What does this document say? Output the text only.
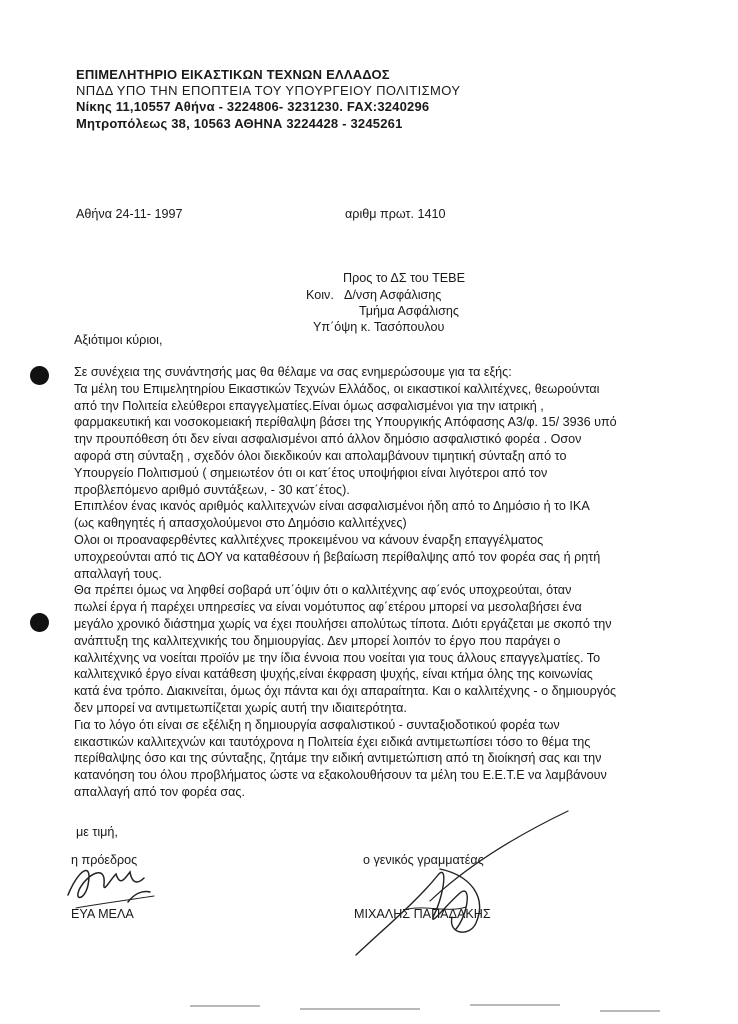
ΕΠΙΜΕΛΗΤΗΡΙΟ ΕΙΚΑΣΤΙΚΩΝ ΤΕΧΝΩΝ ΕΛΛΑΔΟΣ
ΝΠΔΔ ΥΠΟ ΤΗΝ ΕΠΟΠΤΕΙΑ ΤΟΥ ΥΠΟΥΡΓΕΙΟΥ ΠΟΛΙΤΙΣΜΟΥ
Νίκης 11,10557 Αθήνα - 3224806- 3231230. FAX:3240296
Μητροπόλεως 38, 10563 ΑΘΗΝΑ 3224428 - 3245261
Αθήνα 24-11- 1997	αριθμ πρωτ. 1410
Προς το ΔΣ του ΤΕΒΕ
Κοιν. Δ/νση Ασφάλισης
Τμήμα Ασφάλισης
Υπ΄όψη κ. Τασόπουλου
Αξιότιμοι κύριοι,
Σε συνέχεια της συνάντησής μας θα θέλαμε να σας ενημερώσουμε για τα εξής:
Τα μέλη του Επιμελητηρίου Εικαστικών Τεχνών Ελλάδος, οι εικαστικοί καλλιτέχνες, θεωρούνται
από την Πολιτεία ελεύθεροι επαγγελματίες.Είναι όμως ασφαλισμένοι για την ιατρική ,
φαρμακευτική και νοσοκομειακή περίθαλψη βάσει της Υπουργικής Απόφασης Α3/φ. 15/ 3936 υπό
την προυπόθεση ότι δεν είναι ασφαλισμένοι από άλλον δημόσιο ασφαλιστικό φορέα . Οσον
αφορά στη σύνταξη , σχεδόν όλοι διεκδικούν και απολαμβάνουν τιμητική σύνταξη από το
Υπουργείο Πολιτισμού ( σημειωτέον ότι οι κατ΄έτος υποψήφιοι είναι λιγότεροι από τον
προβλεπόμενο αριθμό συντάξεων, - 30 κατ΄έτος).
Επιπλέον ένας ικανός αριθμός καλλιτεχνών είναι ασφαλισμένοι ήδη από το Δημόσιο ή το ΙΚΑ
(ως καθηγητές ή απασχολούμενοι στο Δημόσιο καλλιτέχνες)
Ολοι οι προαναφερθέντες καλλιτέχνες προκειμένου να κάνουν έναρξη επαγγέλματος
υποχρεούνται από τις ΔΟΥ να καταθέσουν ή βεβαίωση περίθαλψης από τον φορέα σας ή ρητή
απαλλαγή τους.
Θα πρέπει όμως να ληφθεί σοβαρά υπ΄όψιν ότι ο καλλιτέχνης αφ΄ενός υποχρεούται, όταν
πωλεί έργα ή παρέχει υπηρεσίες να είναι νομότυπος αφ΄ετέρου μπορεί να μεσολαβήσει ένα
μεγάλο χρονικό διάστημα χωρίς να έχει πουλήσει απολύτως τίποτα. Διότι εργάζεται με σκοπό την
ανάπτυξη της καλλιτεχνικής του δημιουργίας. Δεν μπορεί λοιπόν το έργο που παράγει ο
καλλιτέχνης να νοείται προϊόν με την ίδια έννοια που νοείται για τους άλλους επαγγελματίες. Το
καλλιτεχνικό έργο είναι κατάθεση ψυχής,είναι έκφραση ψυχής, είναι κτήμα όλης της κοινωνίας
κατά ένα τρόπο. Διακινείται, όμως όχι πάντα και όχι απαραίτητα. Και ο καλλιτέχνης - ο δημιουργός
δεν μπορεί να αντιμετωπίζεται χωρίς αυτή την ιδιαιτερότητα.
Για το λόγο ότι είναι σε εξέλιξη η δημιουργία ασφαλιστικού - συνταξιοδοτικού φορέα των
εικαστικών καλλιτεχνών και ταυτόχρονα η Πολιτεία έχει ειδικά αντιμετωπίσει τόσο το θέμα της
περίθαλψης όσο και της σύνταξης, ζητάμε την ειδική αντιμετώπιση από τη διοίκησή σας και την
κατανόηση του όλου προβλήματος ώστε να εξακολουθήσουν τα μέλη του Ε.Ε.Τ.Ε να λαμβάνουν
απαλλαγή από τον φορέα σας.
με τιμή,
η πρόεδρος	ο γενικός γραμματέας
ΕΥΑ ΜΕΛΑ	ΜΙΧΑΛΗΣ ΠΑΠΑΔΑΚΗΣ
